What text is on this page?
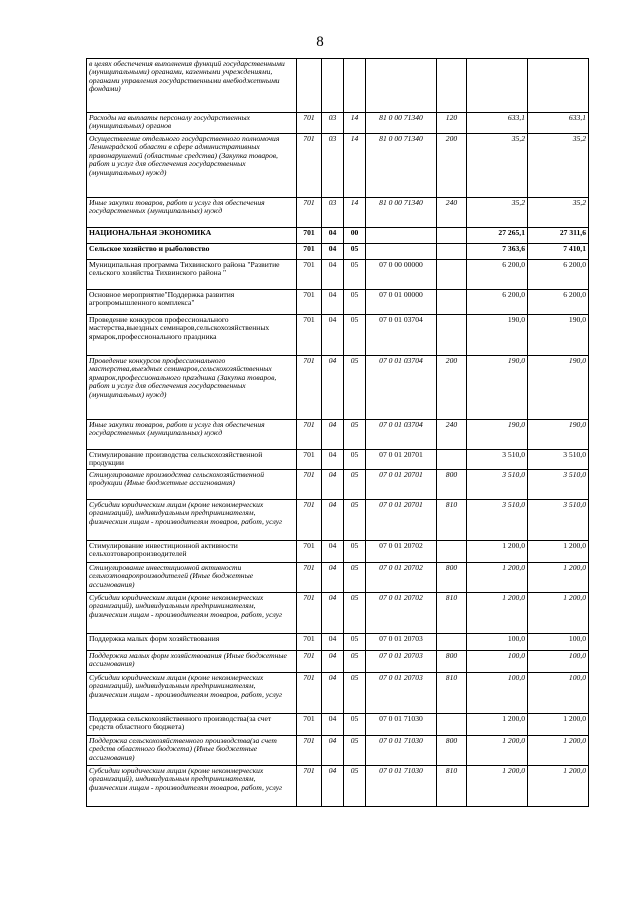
8
в целях обеспечения выполнения функций государственными (муниципальными) органами, казенными учреждениями, органами управления государственными внебюджетными фондами)							
Расходы на выплаты персоналу государственных (муниципальных) органов	701	03	14	81 0 00 71340	120	633,1	633,1
Осуществление отдельного государственного полномочия Ленинградской области в сфере административных правонарушений (областные средства) (Закупка товаров, работ и услуг для обеспечения государственных (муниципальных) нужд)	701	03	14	81 0 00 71340	200	35,2	35,2
Иные закупки товаров, работ и услуг для обеспечения государственных (муниципальных) нужд	701	03	14	81 0 00 71340	240	35,2	35,2
НАЦИОНАЛЬНАЯ ЭКОНОМИКА	701	04	00			27 265,1	27 311,6
Сельское хозяйство и рыболовство	701	04	05			7 363,6	7 410,1
Муниципальная программа Тихвинского района "Развитие сельского хозяйства Тихвинского района "	701	04	05	07 0 00 00000		6 200,0	6 200,0
Основное мероприятие"Поддержка развития агропромышленного комплекса"	701	04	05	07 0 01 00000		6 200,0	6 200,0
Проведение конкурсов профессионального мастерства,выездных семинаров,сельскохозяйственных ярмарок,профессионального праздника	701	04	05	07 0 01 03704		190,0	190,0
Проведение конкурсов профессионального мастерства,выездных семинаров,сельскохозяйственных ярмарок,профессионального праздника (Закупка товаров, работ и услуг для обеспечения государственных (муниципальных) нужд)	701	04	05	07 0 01 03704	200	190,0	190,0
Иные закупки товаров, работ и услуг для обеспечения государственных (муниципальных) нужд	701	04	05	07 0 01 03704	240	190,0	190,0
Стимулирование производства сельскохозяйственной продукции	701	04	05	07 0 01 20701		3 510,0	3 510,0
Стимулирование производства сельскохозяйственной продукции (Иные бюджетные ассигнования)	701	04	05	07 0 01 20701	800	3 510,0	3 510,0
Субсидии юридическим лицам (кроме некоммерческих организаций), индивидуальным предпринимателям, физическим лицам - производителям товаров, работ, услуг	701	04	05	07 0 01 20701	810	3 510,0	3 510,0
Стимулирование инвестиционной активности сельхозтоваропроизводителей	701	04	05	07 0 01 20702		1 200,0	1 200,0
Стимулирование инвестиционной активности сельхозтоваропроизводителей (Иные бюджетные ассигнования)	701	04	05	07 0 01 20702	800	1 200,0	1 200,0
Субсидии юридическим лицам (кроме некоммерческих организаций), индивидуальным предпринимателям, физическим лицам - производителям товаров, работ, услуг	701	04	05	07 0 01 20702	810	1 200,0	1 200,0
Поддержка малых форм хозяйствования	701	04	05	07 0 01 20703		100,0	100,0
Поддержка малых форм хозяйствования (Иные бюджетные ассигнования)	701	04	05	07 0 01 20703	800	100,0	100,0
Субсидии юридическим лицам (кроме некоммерческих организаций), индивидуальным предпринимателям, физическим лицам - производителям товаров, работ, услуг	701	04	05	07 0 01 20703	810	100,0	100,0
Поддержка сельскохозяйственного производства(за счет средств областного бюджета)	701	04	05	07 0 01 71030		1 200,0	1 200,0
Поддержка сельскохозяйственного производства(за счет средств областного бюджета) (Иные бюджетные ассигнования)	701	04	05	07 0 01 71030	800	1 200,0	1 200,0
Субсидии юридическим лицам (кроме некоммерческих организаций), индивидуальным предпринимателям, физическим лицам - производителям товаров, работ, услуг	701	04	05	07 0 01 71030	810	1 200,0	1 200,0
